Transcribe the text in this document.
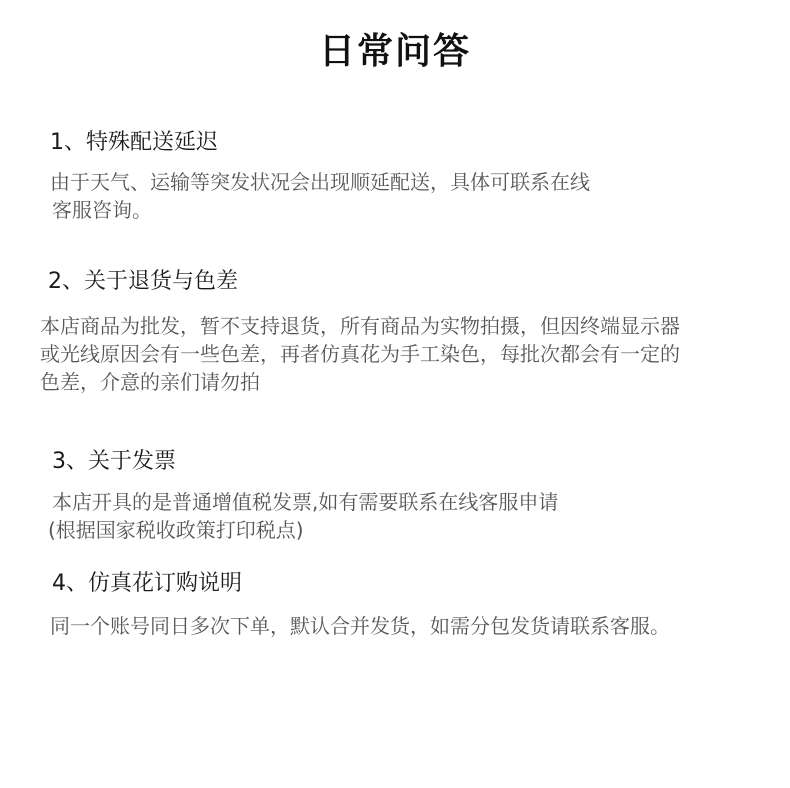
日常问答
1、特殊配送延迟
由于天气、运输等突发状况会出现顺延配送，具体可联系在线
客服咨询。
2、关于退货与色差
本店商品为批发，暂不支持退货，所有商品为实物拍摄，但因终端显示器
或光线原因会有一些色差，再者仿真花为手工染色，每批次都会有一定的
色差，介意的亲们请勿拍
3、关于发票
本店开具的是普通增值税发票,如有需要联系在线客服申请
(根据国家税收政策打印税点)
4、仿真花订购说明
同一个账号同日多次下单，默认合并发货，如需分包发货请联系客服。
